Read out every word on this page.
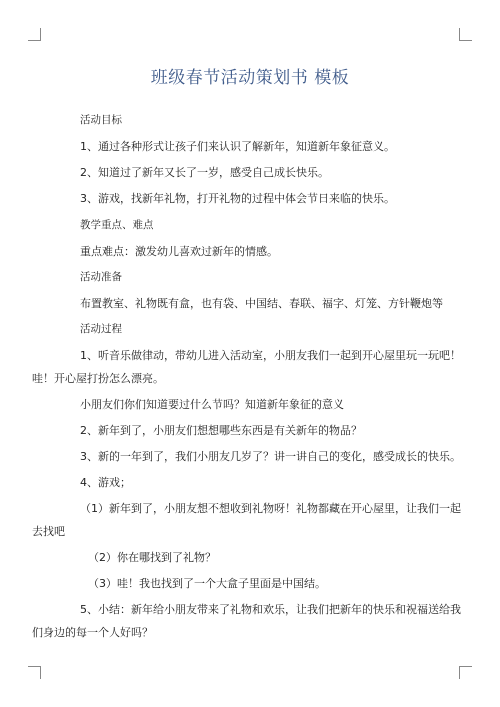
班级春节活动策划书 模板
活动目标
1、通过各种形式让孩子们来认识了解新年，知道新年象征意义。
2、知道过了新年又长了一岁，感受自己成长快乐。
3、游戏，找新年礼物，打开礼物的过程中体会节日来临的快乐。
教学重点、难点
重点难点：激发幼儿喜欢过新年的情感。
活动准备
布置教室、礼物既有盒，也有袋、中国结、春联、福字、灯笼、方针鞭炮等
活动过程
1、听音乐做律动，带幼儿进入活动室，小朋友我们一起到开心屋里玩一玩吧！
哇！开心屋打扮怎么漂亮。
小朋友们你们知道要过什么节吗？知道新年象征的意义
2、新年到了，小朋友们想想哪些东西是有关新年的物品？
3、新的一年到了，我们小朋友几岁了？讲一讲自己的变化，感受成长的快乐。
4、游戏；
（1）新年到了，小朋友想不想收到礼物呀！礼物都藏在开心屋里，让我们一起
去找吧
（2）你在哪找到了礼物？
（3）哇！我也找到了一个大盒子里面是中国结。
5、小结：新年给小朋友带来了礼物和欢乐，让我们把新年的快乐和祝福送给我
们身边的每一个人好吗？
